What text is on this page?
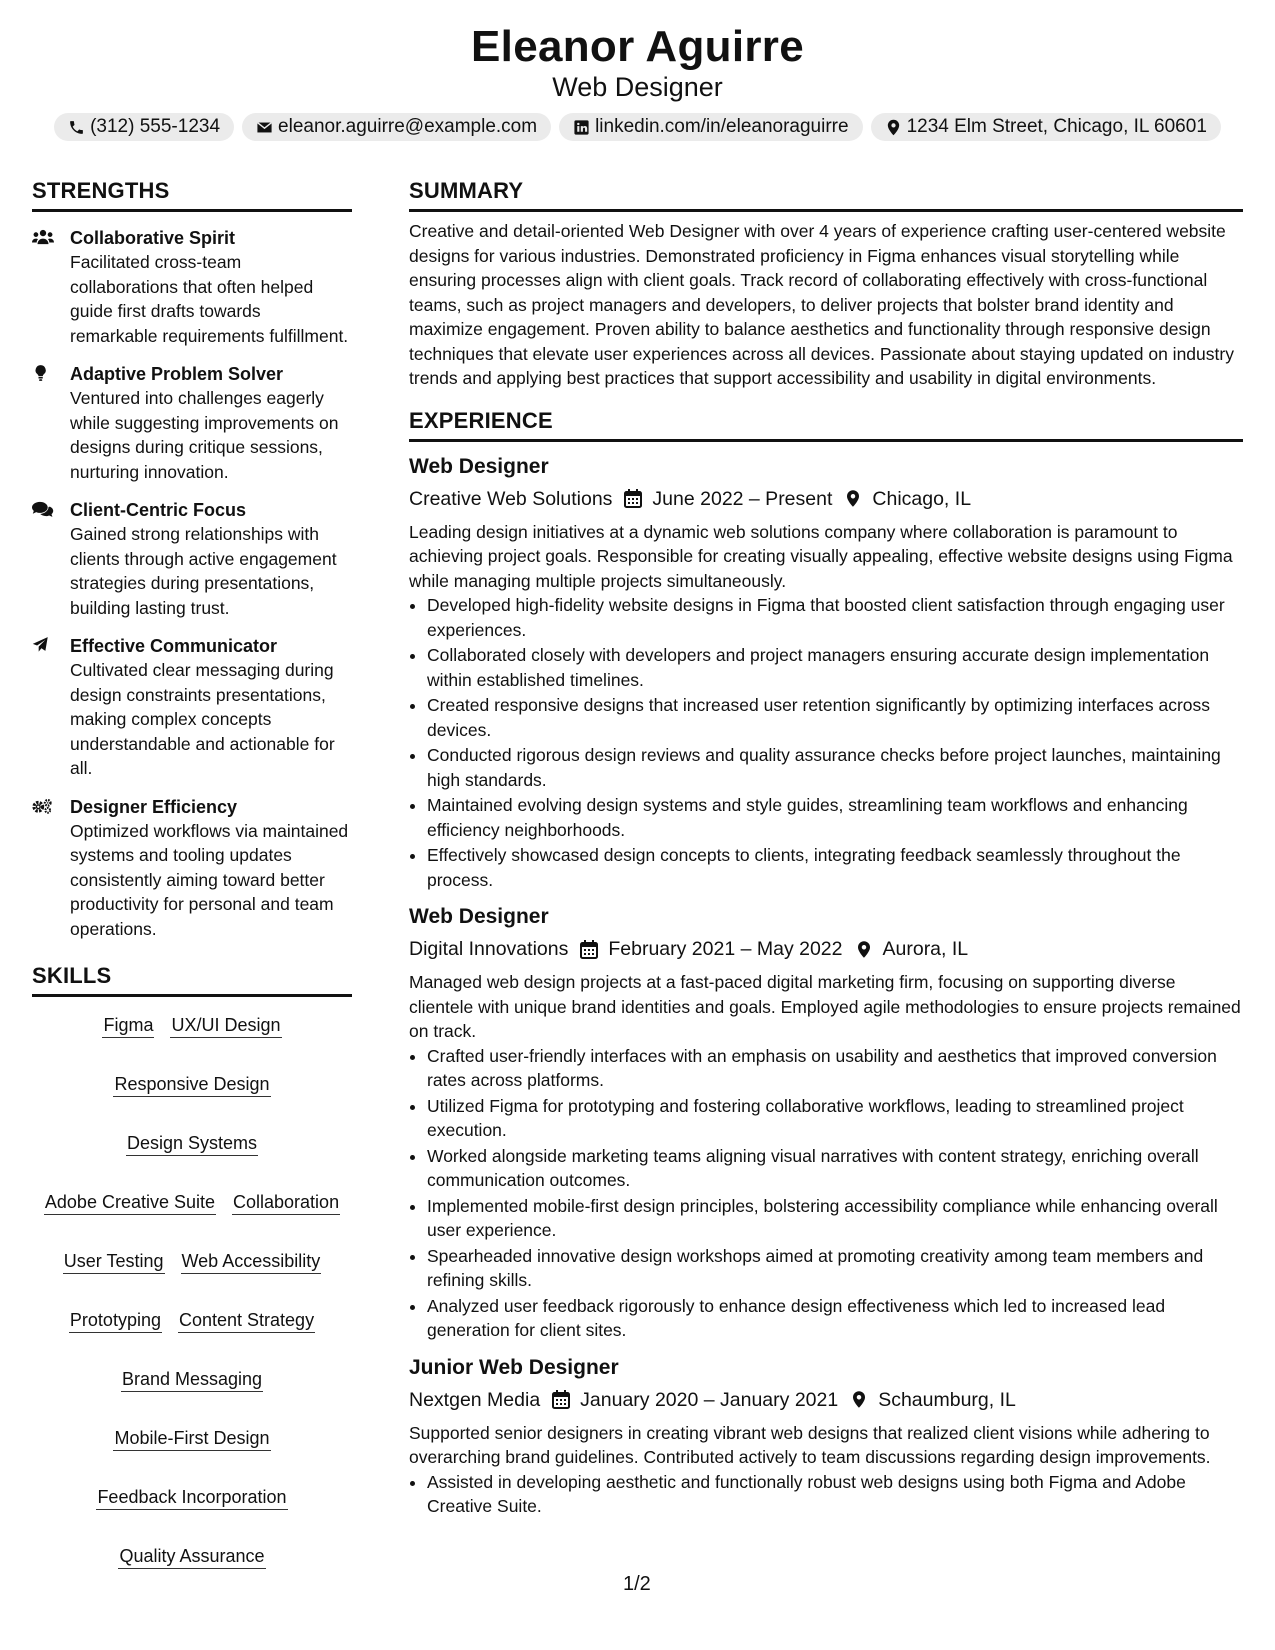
Eleanor Aguirre
Web Designer
(312) 555-1234	eleanor.aguirre@example.com	linkedin.com/in/eleanoraguirre	1234 Elm Street, Chicago, IL 60601
STRENGTHS
Collaborative Spirit
Facilitated cross-team collaborations that often helped guide first drafts towards remarkable requirements fulfillment.
Adaptive Problem Solver
Ventured into challenges eagerly while suggesting improvements on designs during critique sessions, nurturing innovation.
Client-Centric Focus
Gained strong relationships with clients through active engagement strategies during presentations, building lasting trust.
Effective Communicator
Cultivated clear messaging during design constraints presentations, making complex concepts understandable and actionable for all.
Designer Efficiency
Optimized workflows via maintained systems and tooling updates consistently aiming toward better productivity for personal and team operations.
SKILLS
Figma UX/UI Design
Responsive Design
Design Systems
Adobe Creative Suite Collaboration
User Testing Web Accessibility
Prototyping Content Strategy
Brand Messaging
Mobile-First Design
Feedback Incorporation
Quality Assurance
SUMMARY
Creative and detail-oriented Web Designer with over 4 years of experience crafting user-centered website designs for various industries. Demonstrated proficiency in Figma enhances visual storytelling while ensuring processes align with client goals. Track record of collaborating effectively with cross-functional teams, such as project managers and developers, to deliver projects that bolster brand identity and maximize engagement. Proven ability to balance aesthetics and functionality through responsive design techniques that elevate user experiences across all devices. Passionate about staying updated on industry trends and applying best practices that support accessibility and usability in digital environments.
EXPERIENCE
Web Designer
Creative Web Solutions June 2022 – Present Chicago, IL
Leading design initiatives at a dynamic web solutions company where collaboration is paramount to achieving project goals. Responsible for creating visually appealing, effective website designs using Figma while managing multiple projects simultaneously.
• Developed high-fidelity website designs in Figma that boosted client satisfaction through engaging user experiences.
• Collaborated closely with developers and project managers ensuring accurate design implementation within established timelines.
• Created responsive designs that increased user retention significantly by optimizing interfaces across devices.
• Conducted rigorous design reviews and quality assurance checks before project launches, maintaining high standards.
• Maintained evolving design systems and style guides, streamlining team workflows and enhancing efficiency neighborhoods.
• Effectively showcased design concepts to clients, integrating feedback seamlessly throughout the process.
Web Designer
Digital Innovations February 2021 – May 2022 Aurora, IL
Managed web design projects at a fast-paced digital marketing firm, focusing on supporting diverse clientele with unique brand identities and goals. Employed agile methodologies to ensure projects remained on track.
• Crafted user-friendly interfaces with an emphasis on usability and aesthetics that improved conversion rates across platforms.
• Utilized Figma for prototyping and fostering collaborative workflows, leading to streamlined project execution.
• Worked alongside marketing teams aligning visual narratives with content strategy, enriching overall communication outcomes.
• Implemented mobile-first design principles, bolstering accessibility compliance while enhancing overall user experience.
• Spearheaded innovative design workshops aimed at promoting creativity among team members and refining skills.
• Analyzed user feedback rigorously to enhance design effectiveness which led to increased lead generation for client sites.
Junior Web Designer
Nextgen Media January 2020 – January 2021 Schaumburg, IL
Supported senior designers in creating vibrant web designs that realized client visions while adhering to overarching brand guidelines. Contributed actively to team discussions regarding design improvements.
• Assisted in developing aesthetic and functionally robust web designs using both Figma and Adobe Creative Suite.
1/2
